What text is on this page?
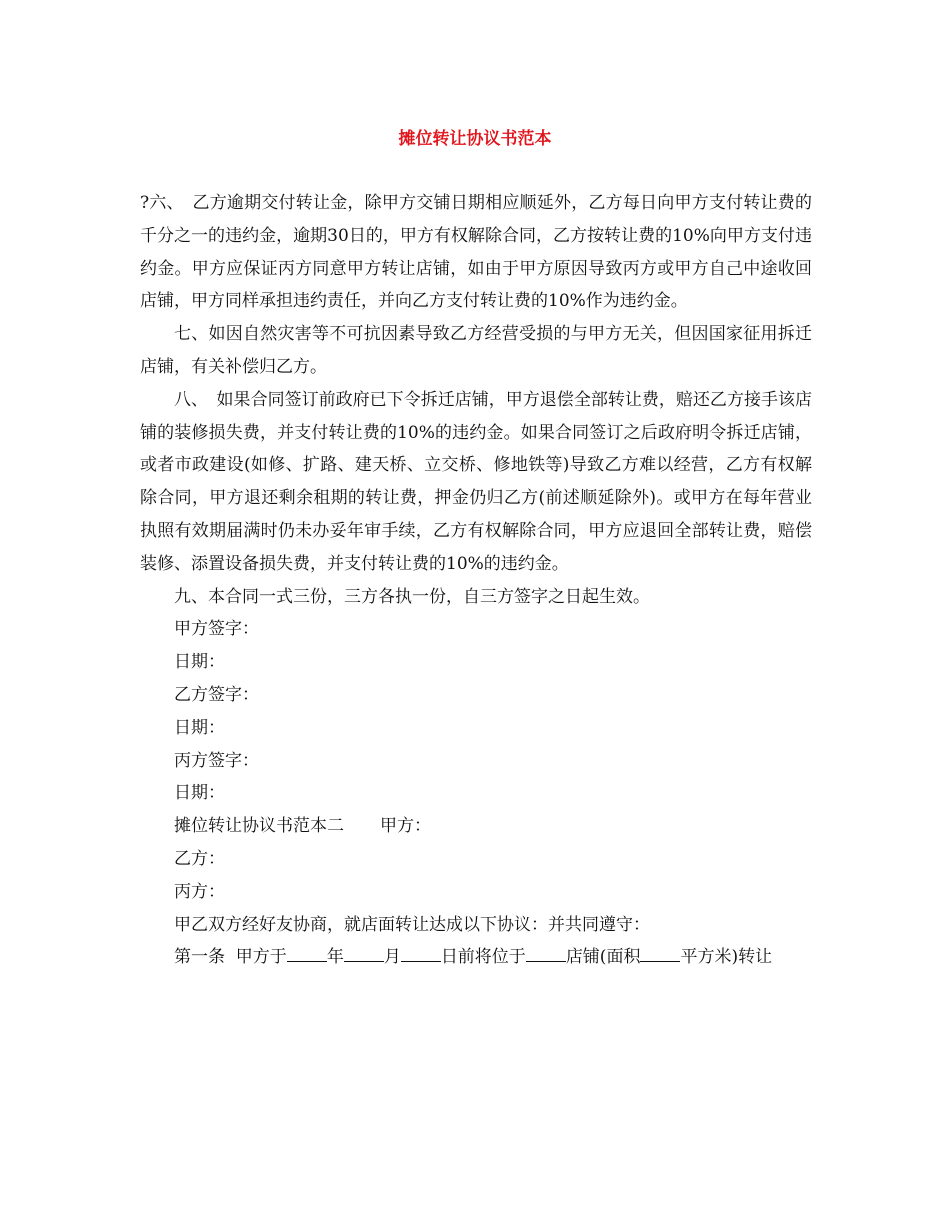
摊位转让协议书范本

?六、　乙方逾期交付转让金，除甲方交铺日期相应顺延外，乙方每日向甲方支付转让费的千分之一的违约金，逾期30日的，甲方有权解除合同，乙方按转让费的10%向甲方支付违约金。甲方应保证丙方同意甲方转让店铺，如由于甲方原因导致丙方或甲方自己中途收回店铺，甲方同样承担违约责任，并向乙方支付转让费的10%作为违约金。

七、如因自然灾害等不可抗因素导致乙方经营受损的与甲方无关，但因国家征用拆迁店铺，有关补偿归乙方。

八、　如果合同签订前政府已下令拆迁店铺，甲方退偿全部转让费，赔还乙方接手该店铺的装修损失费，并支付转让费的10%的违约金。如果合同签订之后政府明令拆迁店铺，或者市政建设(如修、扩路、建天桥、立交桥、修地铁等)导致乙方难以经营，乙方有权解除合同，甲方退还剩余租期的转让费，押金仍归乙方(前述顺延除外)。或甲方在每年营业执照有效期届满时仍未办妥年审手续，乙方有权解除合同，甲方应退回全部转让费，赔偿装修、添置设备损失费，并支付转让费的10%的违约金。

九、本合同一式三份，三方各执一份，自三方签字之日起生效。

甲方签字：

日期：

乙方签字：

日期：

丙方签字：

日期：

摊位转让协议书范本二 甲方：

乙方：

丙方：

甲乙双方经好友协商，就店面转让达成以下协议：并共同遵守：

第一条  甲方于 年 月 日前将位于 店铺(面积 平方米)转让
